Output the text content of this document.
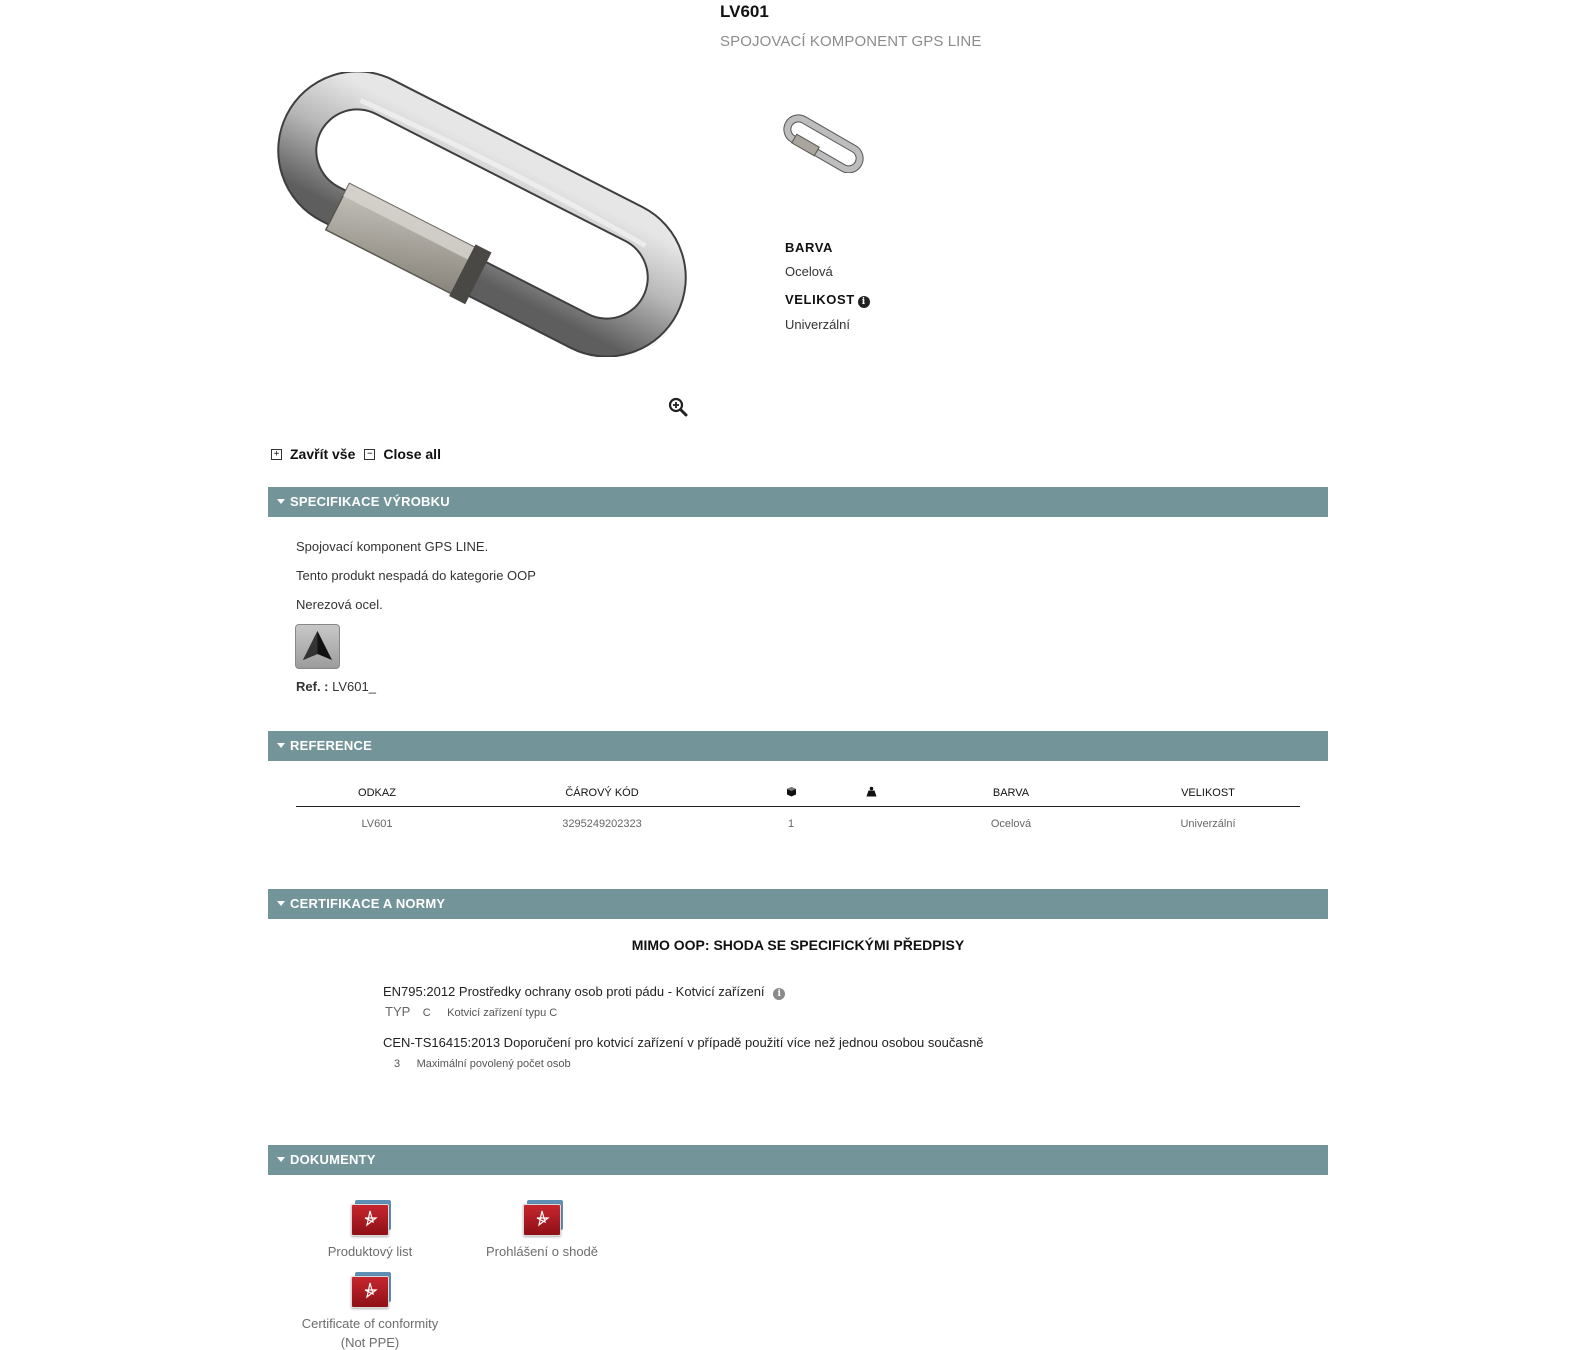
LV601
SPOJOVACÍ KOMPONENT GPS LINE
BARVA
Ocelová
VELIKOST i
Univerzální
+ Zavřít vše	− Close all
SPECIFIKACE VÝROBKU
Spojovací komponent GPS LINE.
Tento produkt nespadá do kategorie OOP
Nerezová ocel.
Ref. : LV601_
REFERENCE
ODKAZ	ČÁROVÝ KÓD			BARVA	VELIKOST
LV601	3295249202323	1		Ocelová	Univerzální
CERTIFIKACE A NORMY
MIMO OOP: SHODA SE SPECIFICKÝMI PŘEDPISY
EN795:2012 Prostředky ochrany osob proti pádu - Kotvicí zařízení i
TYP C Kotvicí zařízení typu C
CEN-TS16415:2013 Doporučení pro kotvicí zařízení v případě použití více než jednou osobou současně
3 Maximální povolený počet osob
DOKUMENTY
Produktový list	Prohlášení o shodě
Certificate of conformity
(Not PPE)
